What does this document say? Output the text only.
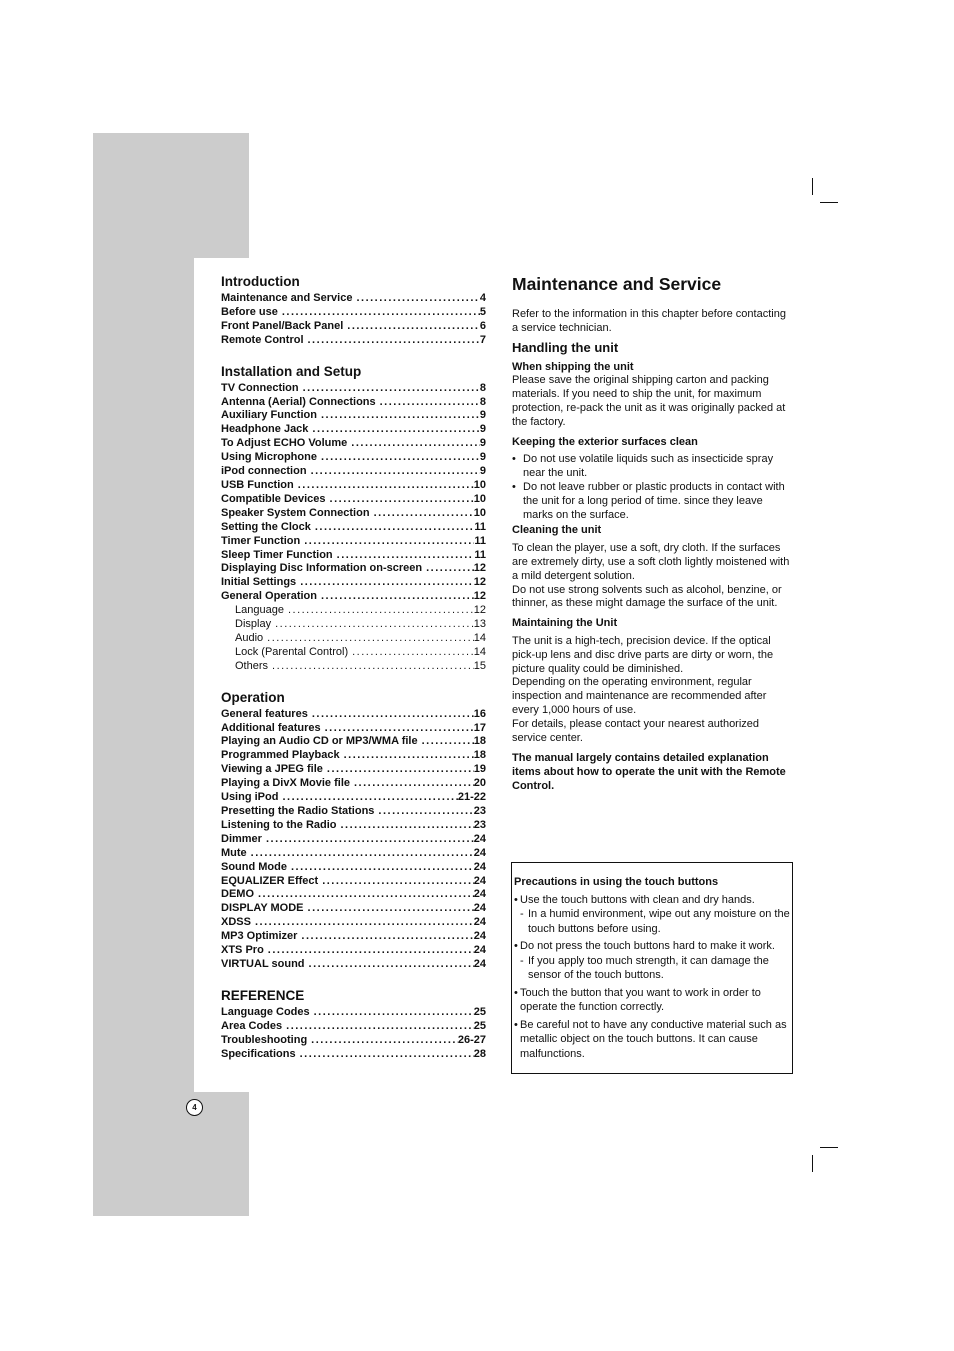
4
Introduction
Maintenance and Service .....	4
Before use .....	5
Front Panel/Back Panel .....	6
Remote Control .....	7
Installation and Setup
TV Connection .....	8
Antenna (Aerial) Connections .....	8
Auxiliary Function .....	9
Headphone Jack .....	9
To Adjust ECHO Volume .....	9
Using Microphone .....	9
iPod connection .....	9
USB Function .....	10
Compatible Devices .....	10
Speaker System Connection .....	10
Setting the Clock .....	11
Timer Function .....	11
Sleep Timer Function .....	11
Displaying Disc Information on-screen .....	12
Initial Settings .....	12
General Operation .....	12
Language .....	12
Display .....	13
Audio .....	14
Lock (Parental Control) .....	14
Others .....	15
Operation
General features .....	16
Additional features .....	17
Playing an Audio CD or MP3/WMA file .....	18
Programmed Playback .....	18
Viewing a JPEG file .....	19
Playing a DivX Movie file .....	20
Using iPod .....	21-22
Presetting the Radio Stations .....	23
Listening to the Radio .....	23
Dimmer .....	24
Mute .....	24
Sound Mode .....	24
EQUALIZER Effect .....	24
DEMO .....	24
DISPLAY MODE .....	24
XDSS .....	24
MP3 Optimizer .....	24
XTS Pro .....	24
VIRTUAL sound .....	24
REFERENCE
Language Codes .....	25
Area Codes .....	25
Troubleshooting .....	26-27
Specifications .....	28
Maintenance and Service

Refer to the information in this chapter before contacting a service technician.

Handling the unit
When shipping the unit

Please save the original shipping carton and packing materials. If you need to ship the unit, for maximum protection, re-pack the unit as it was originally packed at the factory.

Keeping the exterior surfaces clean
• Do not use volatile liquids such as insecticide spray near the unit.
• Do not leave rubber or plastic products in contact with the unit for a long period of time. since they leave marks on the surface.
Cleaning the unit

To clean the player, use a soft, dry cloth. If the surfaces are extremely dirty, use a soft cloth lightly moistened with a mild detergent solution.

Do not use strong solvents such as alcohol, benzine, or thinner, as these might damage the surface of the unit.

Maintaining the Unit

The unit is a high-tech, precision device. If the optical pick-up lens and disc drive parts are dirty or worn, the picture quality could be diminished.

Depending on the operating environment, regular inspection and maintenance are recommended after every 1,000 hours of use.

For details, please contact your nearest authorized service center.

The manual largely contains detailed explanation items about how to operate the unit with the Remote Control.

Precautions in using the touch buttons
• Use the touch buttons with clean and dry hands.
- In a humid environment, wipe out any moisture on the touch buttons before using.
• Do not press the touch buttons hard to make it work.
- If you apply too much strength, it can damage the sensor of the touch buttons.
• Touch the button that you want to work in order to operate the function correctly.
• Be careful not to have any conductive material such as metallic object on the touch buttons. It can cause malfunctions.
